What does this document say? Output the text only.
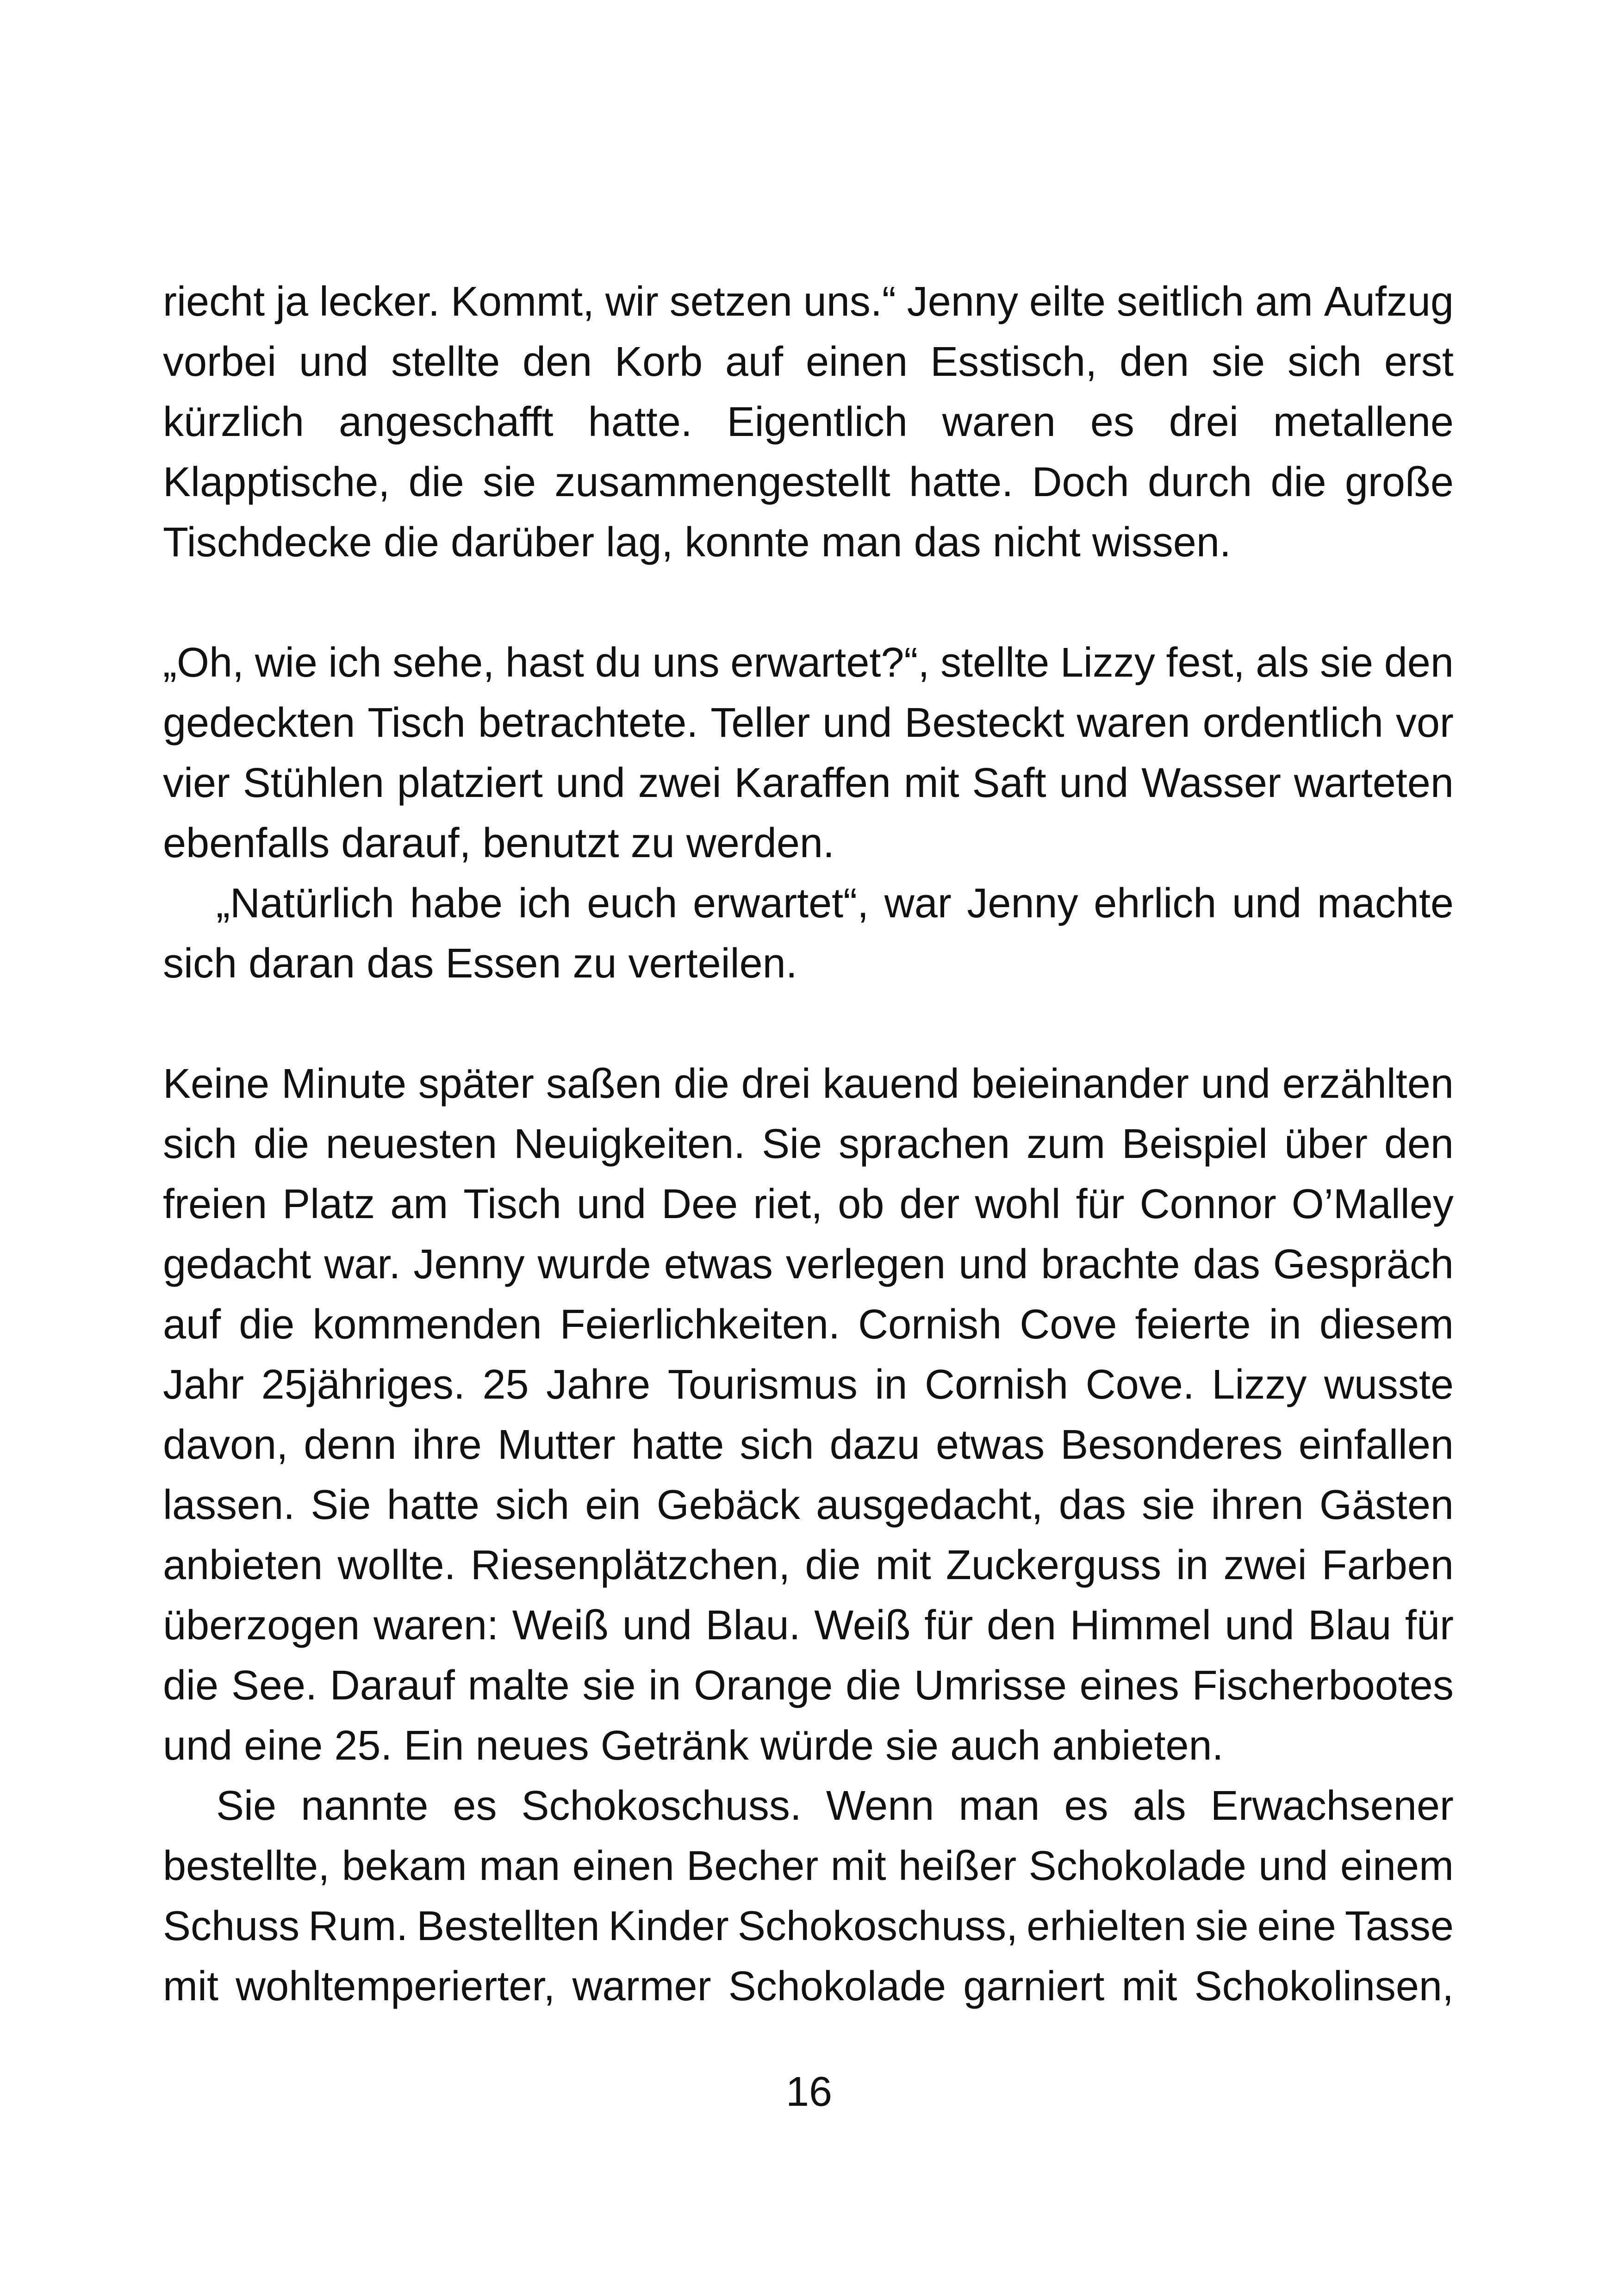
riecht ja lecker. Kommt, wir setzen uns.“ Jenny eilte seitlich am Aufzug
vorbei und stellte den Korb auf einen Esstisch, den sie sich erst
kürzlich angeschafft hatte. Eigentlich waren es drei metallene
Klapptische, die sie zusammengestellt hatte. Doch durch die große
Tischdecke die darüber lag, konnte man das nicht wissen.
„Oh, wie ich sehe, hast du uns erwartet?“, stellte Lizzy fest, als sie den
gedeckten Tisch betrachtete. Teller und Besteckt waren ordentlich vor
vier Stühlen platziert und zwei Karaffen mit Saft und Wasser warteten
ebenfalls darauf, benutzt zu werden.
„Natürlich habe ich euch erwartet“, war Jenny ehrlich und machte
sich daran das Essen zu verteilen.
Keine Minute später saßen die drei kauend beieinander und erzählten
sich die neuesten Neuigkeiten. Sie sprachen zum Beispiel über den
freien Platz am Tisch und Dee riet, ob der wohl für Connor O’Malley
gedacht war. Jenny wurde etwas verlegen und brachte das Gespräch
auf die kommenden Feierlichkeiten. Cornish Cove feierte in diesem
Jahr 25jähriges. 25 Jahre Tourismus in Cornish Cove. Lizzy wusste
davon, denn ihre Mutter hatte sich dazu etwas Besonderes einfallen
lassen. Sie hatte sich ein Gebäck ausgedacht, das sie ihren Gästen
anbieten wollte. Riesenplätzchen, die mit Zuckerguss in zwei Farben
überzogen waren: Weiß und Blau. Weiß für den Himmel und Blau für
die See. Darauf malte sie in Orange die Umrisse eines Fischerbootes
und eine 25. Ein neues Getränk würde sie auch anbieten.
Sie nannte es Schokoschuss. Wenn man es als Erwachsener
bestellte, bekam man einen Becher mit heißer Schokolade und einem
Schuss Rum. Bestellten Kinder Schokoschuss, erhielten sie eine Tasse
mit wohltemperierter, warmer Schokolade garniert mit Schokolinsen,
16
